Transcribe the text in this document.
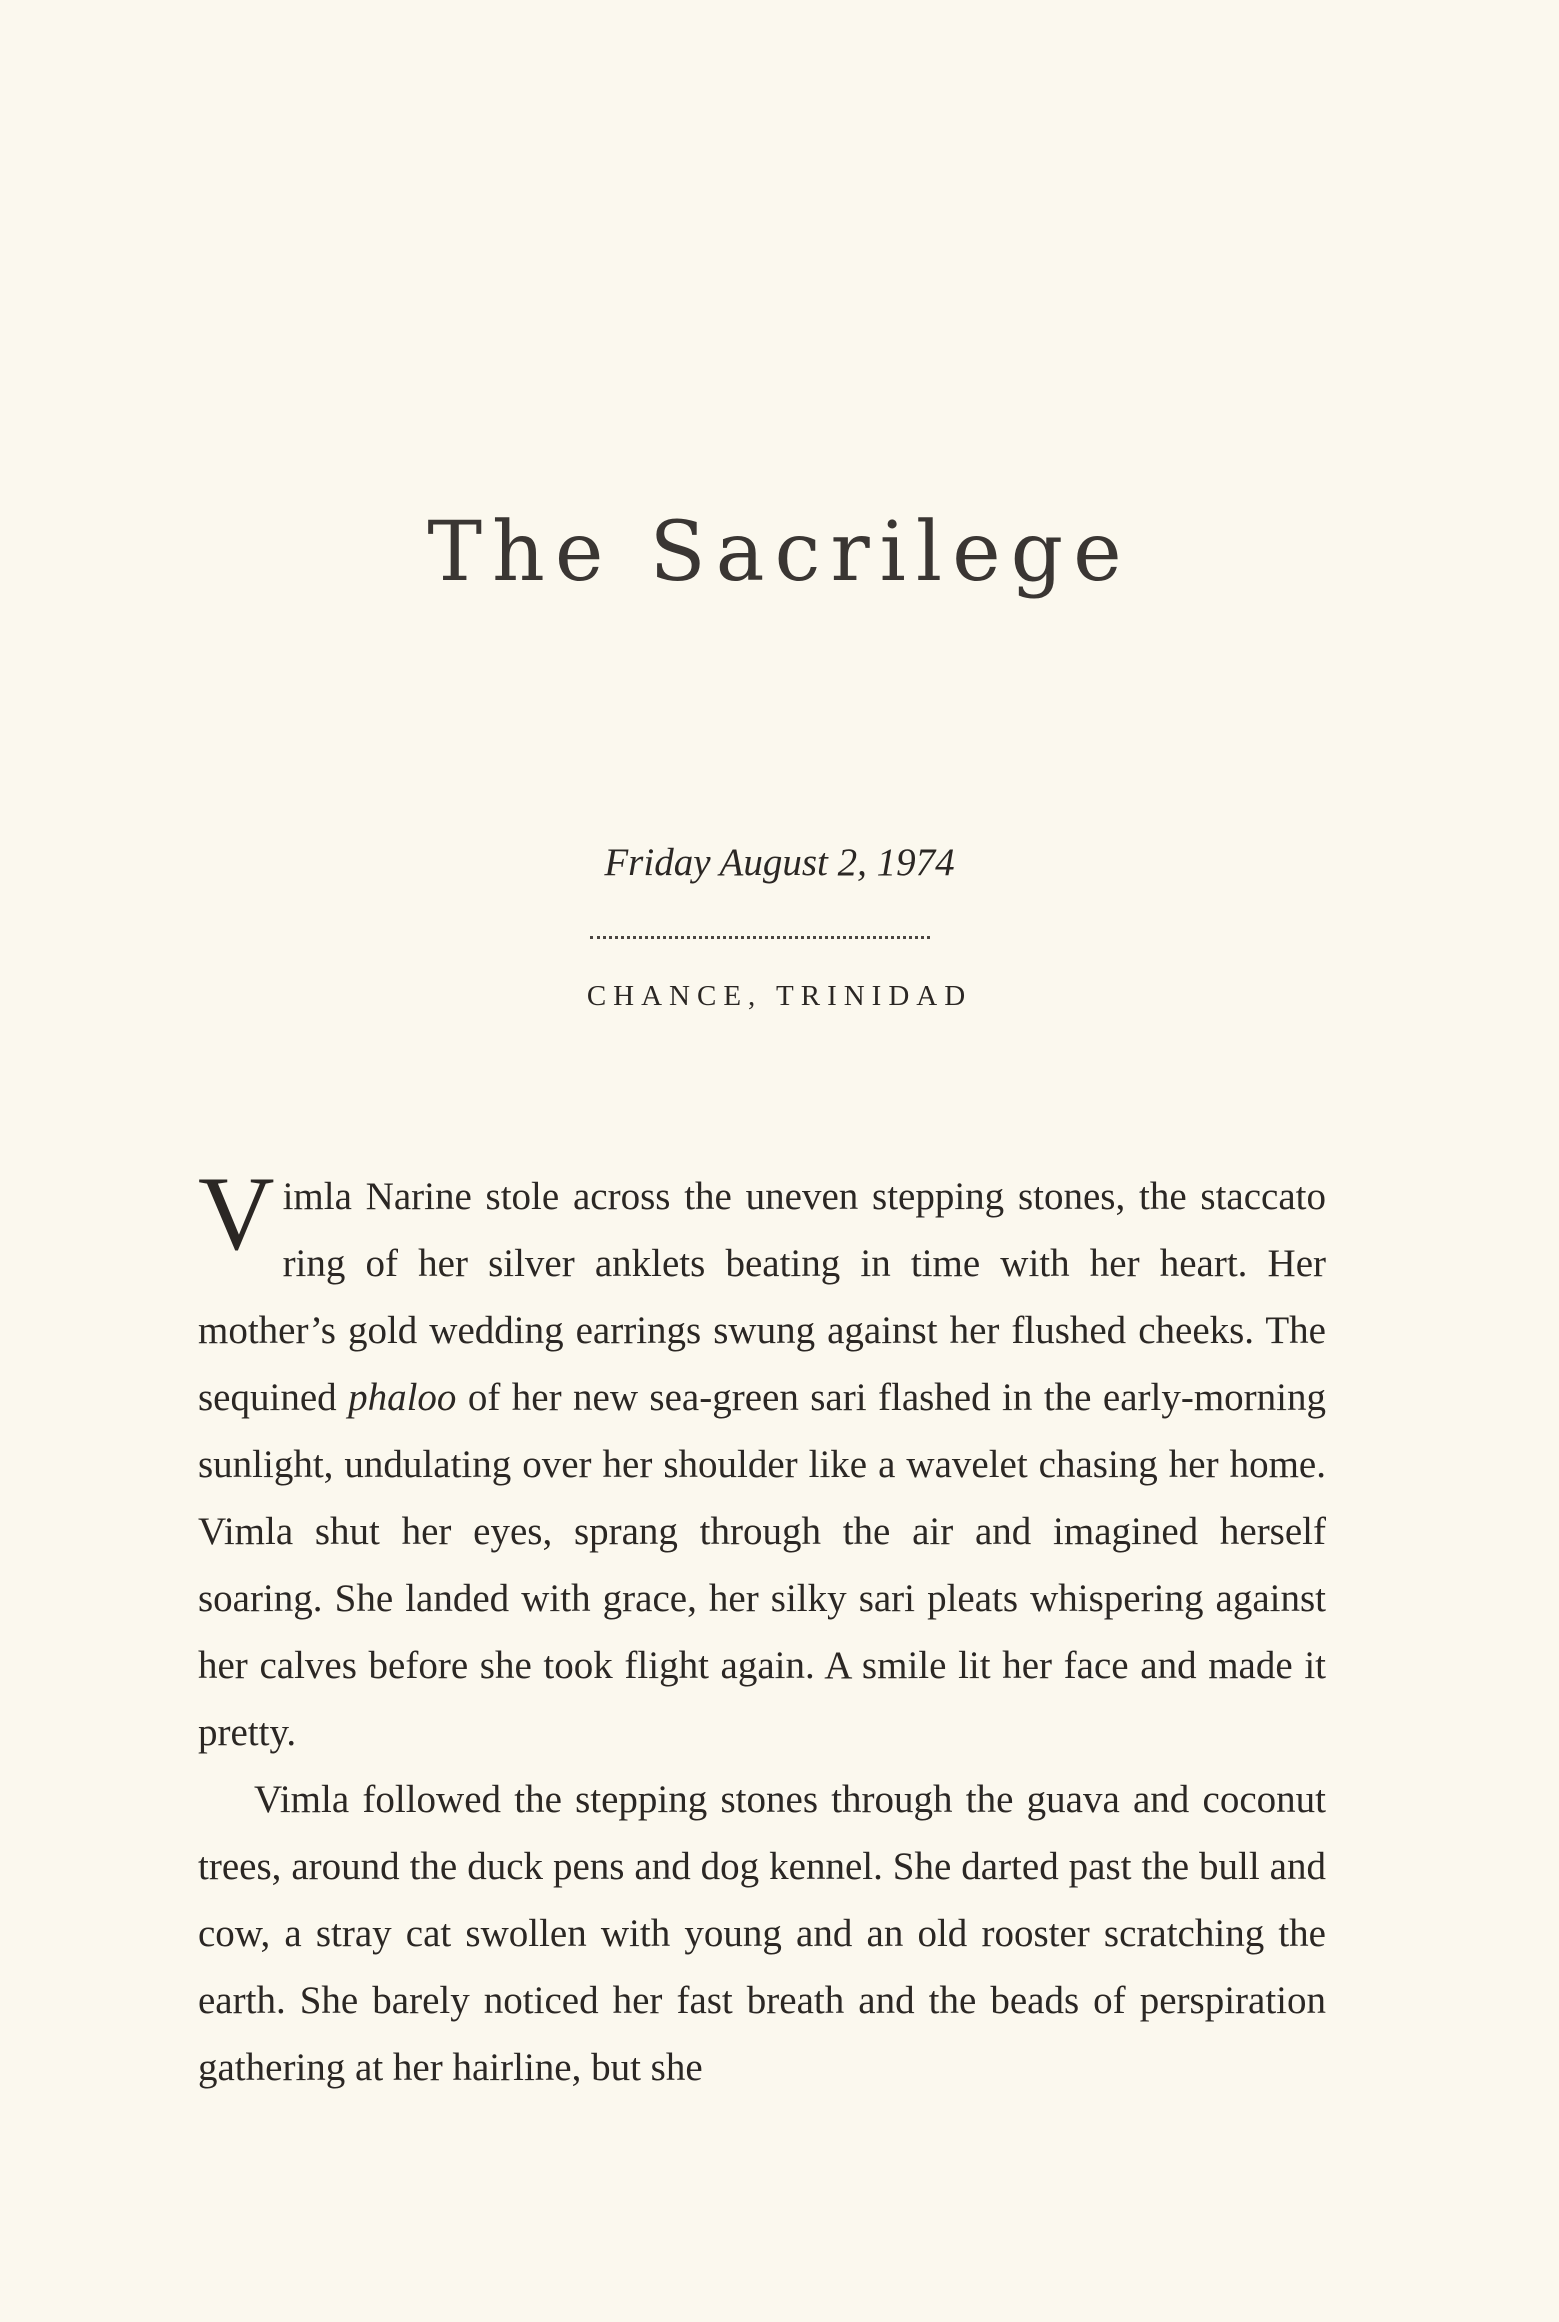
The Sacrilege
Friday August 2, 1974
CHANCE, TRINIDAD

Vimla Narine stole across the uneven stepping stones, the staccato ring of her silver anklets beating in time with her heart. Her mother’s gold wedding earrings swung against her flushed cheeks. The sequined phaloo of her new sea-green sari flashed in the early-morning sunlight, undulating over her shoulder like a wavelet chasing her home. Vimla shut her eyes, sprang through the air and imagined herself soaring. She landed with grace, her silky sari pleats whispering against her calves before she took flight again. A smile lit her face and made it pretty.

Vimla followed the stepping stones through the guava and coconut trees, around the duck pens and dog kennel. She darted past the bull and cow, a stray cat swollen with young and an old rooster scratching the earth. She barely noticed her fast breath and the beads of perspiration gathering at her hairline, but she
